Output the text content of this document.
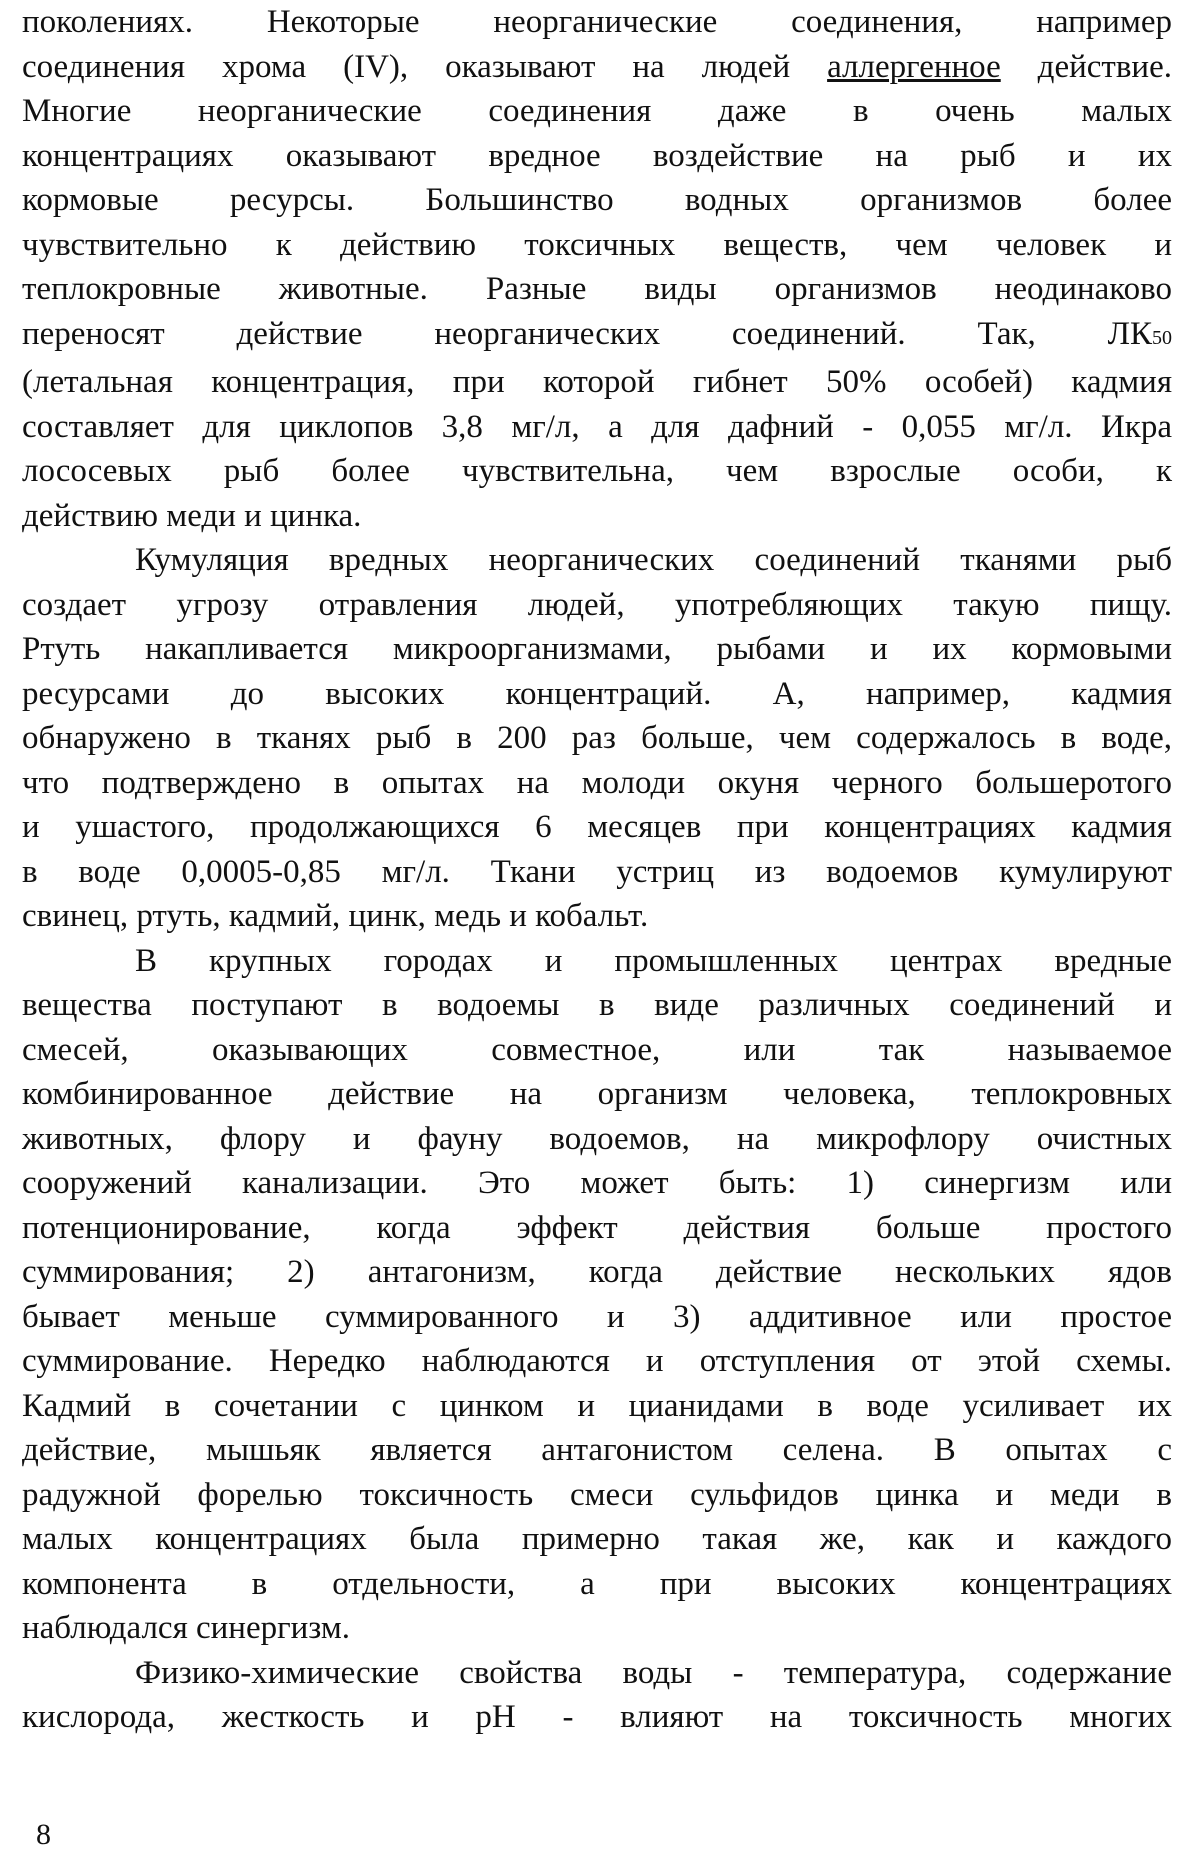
поколениях. Некоторые неорганические соединения, например
соединения хрома (IV), оказывают на людей аллергенное действие.
Многие неорганические соединения даже в очень малых
концентрациях оказывают вредное воздействие на рыб и их
кормовые ресурсы. Большинство водных организмов более
чувствительно к действию токсичных веществ, чем человек и
теплокровные животные. Разные виды организмов неодинаково
переносят действие неорганических соединений. Так, ЛК50
(летальная концентрация, при которой гибнет 50% особей) кадмия
составляет для циклопов 3,8 мг/л, а для дафний - 0,055 мг/л. Икра
лососевых рыб более чувствительна, чем взрослые особи, к
действию меди и цинка.
Кумуляция вредных неорганических соединений тканями рыб
создает угрозу отравления людей, употребляющих такую пищу.
Ртуть накапливается микроорганизмами, рыбами и их кормовыми
ресурсами до высоких концентраций. А, например, кадмия
обнаружено в тканях рыб в 200 раз больше, чем содержалось в воде,
что подтверждено в опытах на молоди окуня черного большеротого
и ушастого, продолжающихся 6 месяцев при концентрациях кадмия
в воде 0,0005-0,85 мг/л. Ткани устриц из водоемов кумулируют
свинец, ртуть, кадмий, цинк, медь и кобальт.
В крупных городах и промышленных центрах вредные
вещества поступают в водоемы в виде различных соединений и
смесей, оказывающих совместное, или так называемое
комбинированное действие на организм человека, теплокровных
животных, флору и фауну водоемов, на микрофлору очистных
сооружений канализации. Это может быть: 1) синергизм или
потенционирование, когда эффект действия больше простого
суммирования; 2) антагонизм, когда действие нескольких ядов
бывает меньше суммированного и 3) аддитивное или простое
суммирование. Нередко наблюдаются и отступления от этой схемы.
Кадмий в сочетании с цинком и цианидами в воде усиливает их
действие, мышьяк является антагонистом селена. В опытах с
радужной форелью токсичность смеси сульфидов цинка и меди в
малых концентрациях была примерно такая же, как и каждого
компонента в отдельности, а при высоких концентрациях
наблюдался синергизм.
Физико-химические свойства воды - температура, содержание
кислорода, жесткость и pH - влияют на токсичность многих
8
